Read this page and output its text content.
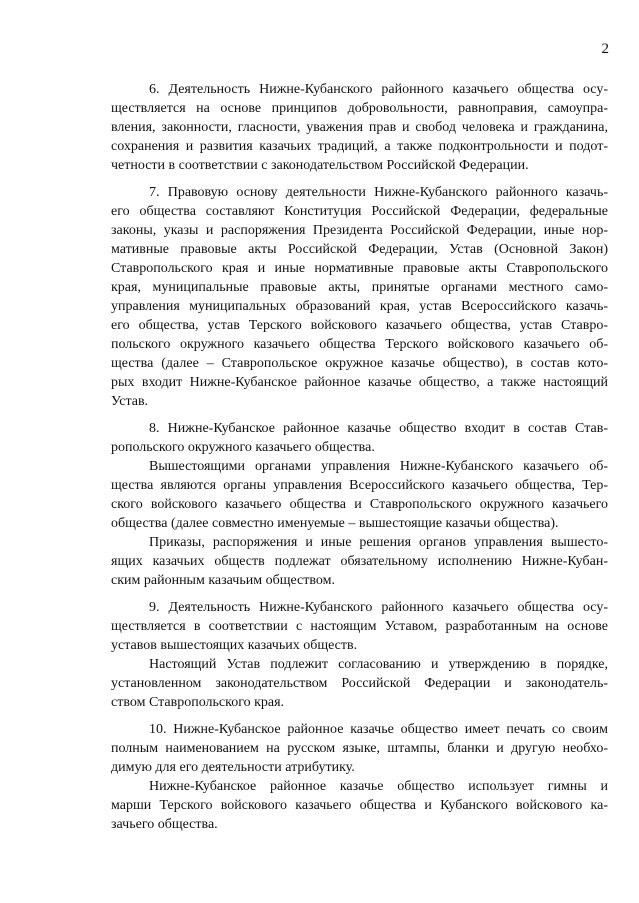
2
6. Деятельность Нижне-Кубанского районного казачьего общества осу-
ществляется на основе принципов добровольности, равноправия, самоупра-
вления, законности, гласности, уважения прав и свобод человека и гражданина,
сохранения и развития казачьих традиций, а также подконтрольности и подот-
четности в соответствии с законодательством Российской Федерации.
7. Правовую основу деятельности Нижне-Кубанского районного казачь-
его общества составляют Конституция Российской Федерации, федеральные
законы, указы и распоряжения Президента Российской Федерации, иные нор-
мативные правовые акты Российской Федерации, Устав (Основной Закон)
Ставропольского края и иные нормативные правовые акты Ставропольского
края, муниципальные правовые акты, принятые органами местного само-
управления муниципальных образований края, устав Всероссийского казачь-
его общества, устав Терского войскового казачьего общества, устав Ставро-
польского окружного казачьего общества Терского войскового казачьего об-
щества (далее – Ставропольское окружное казачье общество), в состав кото-
рых входит Нижне-Кубанское районное казачье общество, а также настоящий
Устав.
8. Нижне-Кубанское районное казачье общество входит в состав Став-
ропольского окружного казачьего общества.
Вышестоящими органами управления Нижне-Кубанского казачьего об-
щества являются органы управления Всероссийского казачьего общества, Тер-
ского войскового казачьего общества и Ставропольского окружного казачьего
общества (далее совместно именуемые – вышестоящие казачьи общества).
Приказы, распоряжения и иные решения органов управления вышесто-
ящих казачьих обществ подлежат обязательному исполнению Нижне-Кубан-
ским районным казачьим обществом.
9. Деятельность Нижне-Кубанского районного казачьего общества осу-
ществляется в соответствии с настоящим Уставом, разработанным на основе
уставов вышестоящих казачьих обществ.
Настоящий Устав подлежит согласованию и утверждению в порядке,
установленном законодательством Российской Федерации и законодатель-
ством Ставропольского края.
10. Нижне-Кубанское районное казачье общество имеет печать со своим
полным наименованием на русском языке, штампы, бланки и другую необхо-
димую для его деятельности атрибутику.
Нижне-Кубанское районное казачье общество использует гимны и
марши Терского войскового казачьего общества и Кубанского войскового ка-
зачьего общества.
